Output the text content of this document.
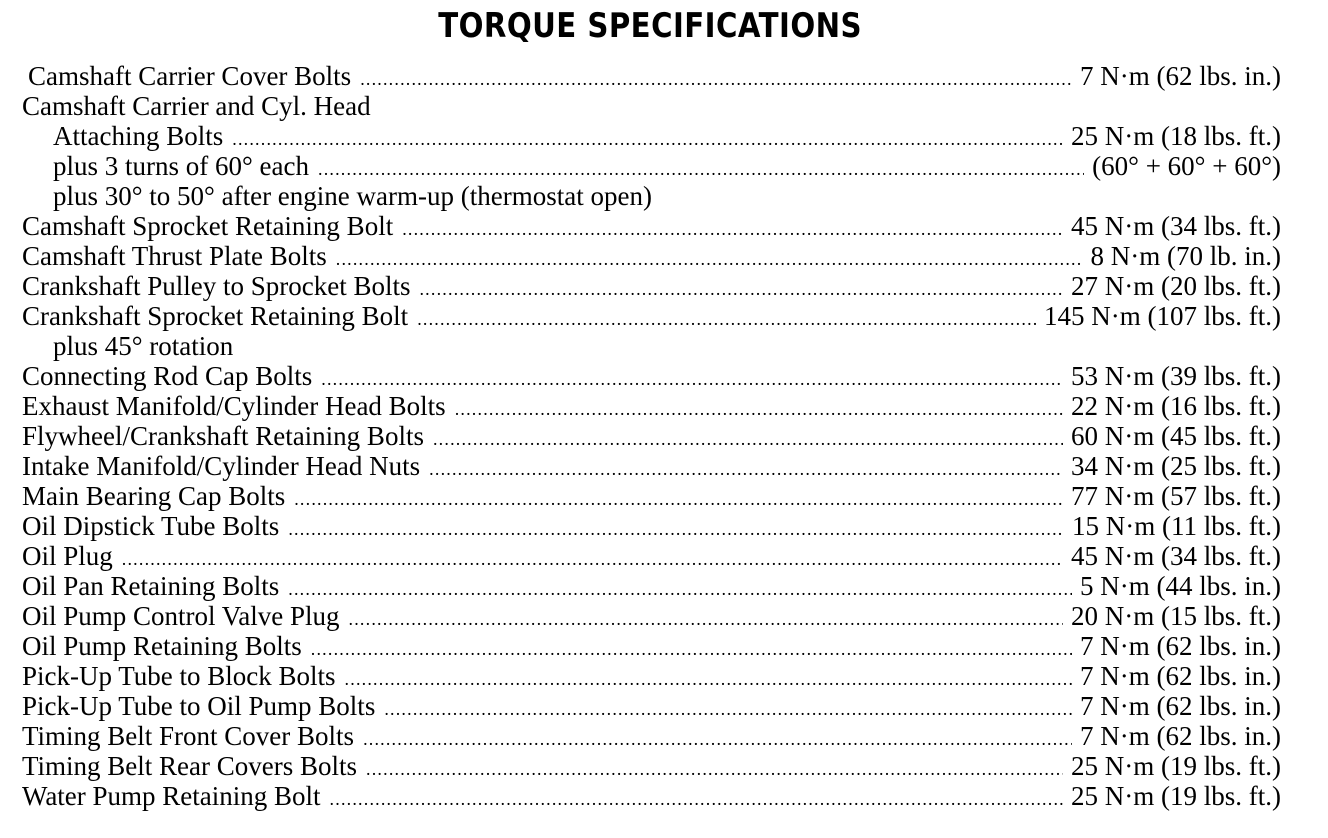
TORQUE SPECIFICATIONS
Camshaft Carrier Cover Bolts .....	7 N·m (62 lbs. in.)
Camshaft Carrier and Cyl. Head
Attaching Bolts .....	25 N·m (18 lbs. ft.)
plus 3 turns of 60° each .....	(60° + 60° + 60°)
plus 30° to 50° after engine warm-up (thermostat open)
Camshaft Sprocket Retaining Bolt .....	45 N·m (34 lbs. ft.)
Camshaft Thrust Plate Bolts .....	8 N·m (70 lb. in.)
Crankshaft Pulley to Sprocket Bolts .....	27 N·m (20 lbs. ft.)
Crankshaft Sprocket Retaining Bolt .....	145 N·m (107 lbs. ft.)
plus 45° rotation
Connecting Rod Cap Bolts .....	53 N·m (39 lbs. ft.)
Exhaust Manifold/Cylinder Head Bolts .....	22 N·m (16 lbs. ft.)
Flywheel/Crankshaft Retaining Bolts .....	60 N·m (45 lbs. ft.)
Intake Manifold/Cylinder Head Nuts .....	34 N·m (25 lbs. ft.)
Main Bearing Cap Bolts .....	77 N·m (57 lbs. ft.)
Oil Dipstick Tube Bolts .....	15 N·m (11 lbs. ft.)
Oil Plug .....	45 N·m (34 lbs. ft.)
Oil Pan Retaining Bolts .....	5 N·m (44 lbs. in.)
Oil Pump Control Valve Plug .....	20 N·m (15 lbs. ft.)
Oil Pump Retaining Bolts .....	7 N·m (62 lbs. in.)
Pick-Up Tube to Block Bolts .....	7 N·m (62 lbs. in.)
Pick-Up Tube to Oil Pump Bolts .....	7 N·m (62 lbs. in.)
Timing Belt Front Cover Bolts .....	7 N·m (62 lbs. in.)
Timing Belt Rear Covers Bolts .....	25 N·m (19 lbs. ft.)
Water Pump Retaining Bolt .....	25 N·m (19 lbs. ft.)
